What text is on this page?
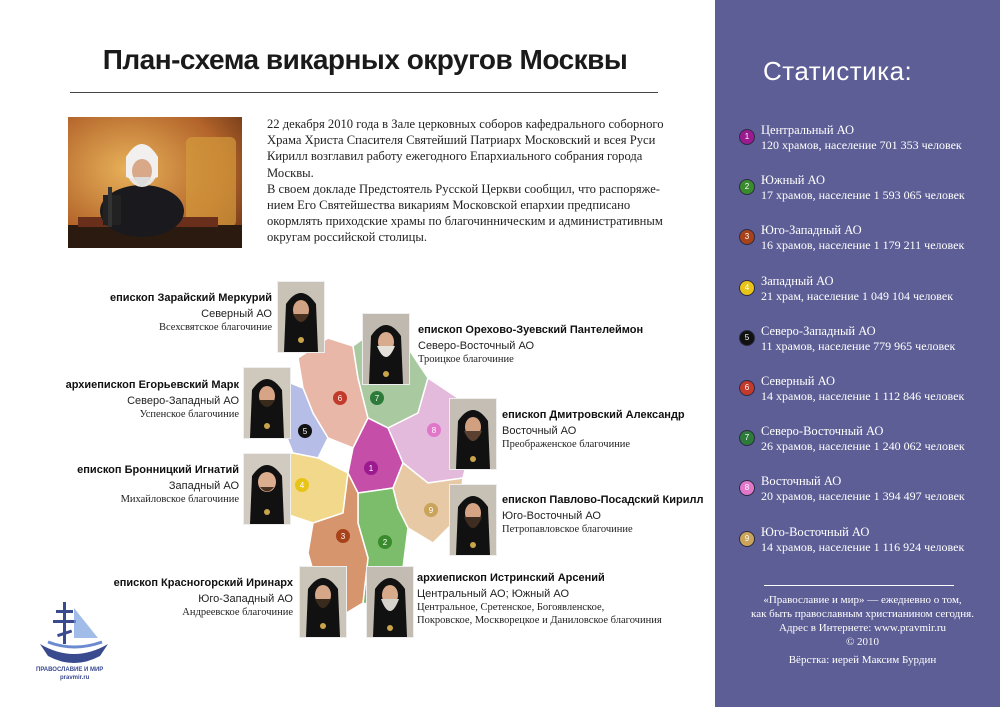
План-схема викарных округов Москвы

22 декабря 2010 года в Зале церковных соборов кафедрального соборного Храма Христа Спасителя Святейший Патриарх Московский и всея Руси Кирилл возглавил работу ежегодного Епархиального собрания города Москвы.

В своем докладе Предстоятель Русской Церкви сообщил, что распоряже-нием Его Святейшества викариям Московской епархии предписано окормлять приходские храмы по благочинническим и административным округам российской столицы.

1
2
3
4
5
6	7
8
9
епископ Зарайский Меркурий
Северный АО
Всехсвятское благочиние	епископ Орехово-Зуевский Пантелеймон
Северо-Восточный АО
Троицкое благочиние
архиепископ Егорьевский Марк
Северо-Западный АО
Успенское благочиние	епископ Дмитровский Александр
Восточный АО
Преображенское благочиние
епископ Бронницкий Игнатий
Западный АО
Михайловское благочиние	епископ Павлово-Посадский Кирилл
Юго-Восточный АО
Петропавловское благочиние
епископ Красногорский Иринарх
Юго-Западный АО
Андреевское благочиние
архиепископ Истринский Арсений
Центральный АО; Южный АО
Центральное, Сретенское, Богоявленское,
Покровское, Москворецкое и Даниловское благочиния
ПРАВОСЛАВИЕ И МИР
pravmir.ru
Статистика:
1 Центральный АО
120 храмов, население 701 353 человек
2 Южный АО
17 храмов, население 1 593 065 человек
3 Юго-Западный АО
16 храмов, население 1 179 211 человек
4 Западный АО
21 храм, население 1 049 104 человек
5 Северо-Западный АО
11 храмов, население 779 965 человек
6 Северный АО
14 храмов, население 1 112 846 человек
7 Северо-Восточный АО
26 храмов, население 1 240 062 человек
8 Восточный АО
20 храмов, население 1 394 497 человек
9 Юго-Восточный АО
14 храмов, население 1 116 924 человек
«Православие и мир» — ежедневно о том,
как быть православным христианином сегодня.
Адрес в Интернете: www.pravmir.ru
© 2010
Вёрстка: иерей Максим Бурдин
